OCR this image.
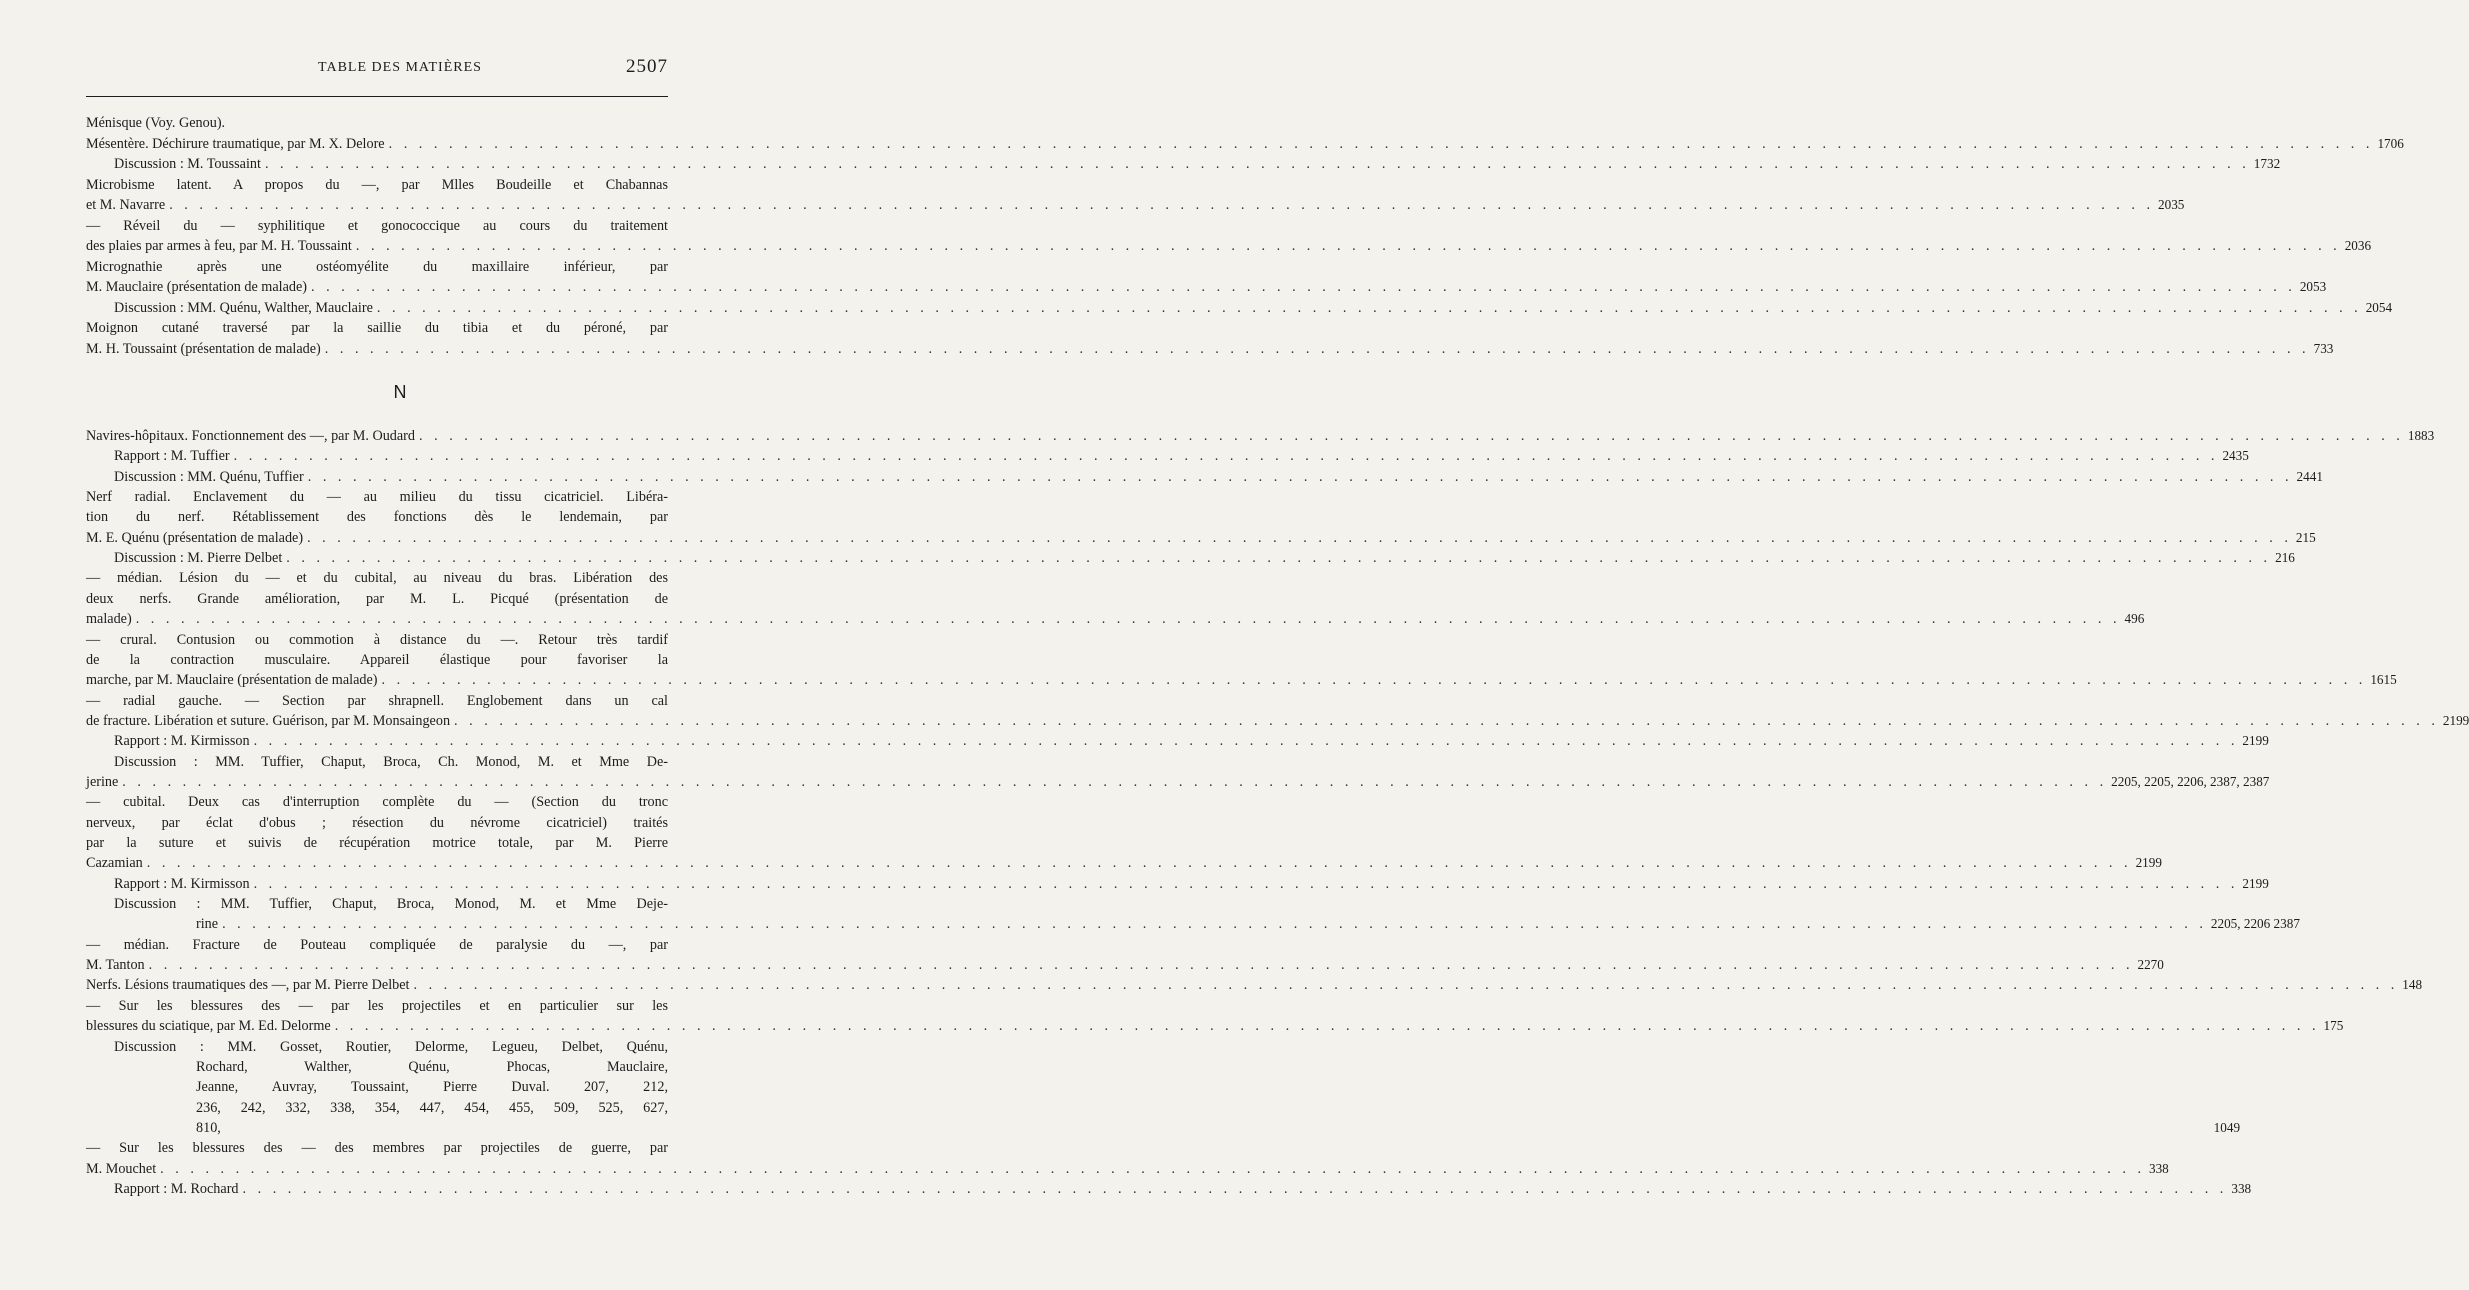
TABLE DES MATIÈRES	2507
N
Ménisque (Voy. Genou).
Mésentère. Déchirure traumatique, par M. X. Delore . . .	1706
Discussion : M. Toussaint . . .	1732
Microbisme latent. A propos du —, par Mlles Boudeille et Chabannas
et M. Navarre . . .	2035
— Réveil du — syphilitique et gonococcique au cours du traitement
des plaies par armes à feu, par M. H. Toussaint . . .	2036
Micrognathie après une ostéomyélite du maxillaire inférieur, par
M. Mauclaire (présentation de malade) . . .	2053
Discussion : MM. Quénu, Walther, Mauclaire . . .	2054
Moignon cutané traversé par la saillie du tibia et du péroné, par
M. H. Toussaint (présentation de malade) . . .	733
Navires-hôpitaux. Fonctionnement des —, par M. Oudard . . .	1883
Rapport : M. Tuffier . . .	2435
Discussion : MM. Quénu, Tuffier . . .	2441
Nerf radial. Enclavement du — au milieu du tissu cicatriciel. Libéra-
tion du nerf. Rétablissement des fonctions dès le lendemain, par
M. E. Quénu (présentation de malade) . . .	215
Discussion : M. Pierre Delbet . . .	216
— médian. Lésion du — et du cubital, au niveau du bras. Libération des
deux nerfs. Grande amélioration, par M. L. Picqué (présentation de
malade) . . .	496
— crural. Contusion ou commotion à distance du —. Retour très tardif
de la contraction musculaire. Appareil élastique pour favoriser la
marche, par M. Mauclaire (présentation de malade) . . .	1615
— radial gauche. — Section par shrapnell. Englobement dans un cal
de fracture. Libération et suture. Guérison, par M. Monsaingeon . . .	2199
Rapport : M. Kirmisson . . .	2199
Discussion : MM. Tuffier, Chaput, Broca, Ch. Monod, M. et Mme De-
jerine . . .	2205, 2205, 2206, 2387, 2387
— cubital. Deux cas d'interruption complète du — (Section du tronc
nerveux, par éclat d'obus ; résection du névrome cicatriciel) traités
par la suture et suivis de récupération motrice totale, par M. Pierre
Cazamian . . .	2199
Rapport : M. Kirmisson . . .	2199
Discussion : MM. Tuffier, Chaput, Broca, Monod, M. et Mme Deje-
rine . . .	2205, 2206 2387
— médian. Fracture de Pouteau compliquée de paralysie du —, par
M. Tanton . . .	2270
Nerfs. Lésions traumatiques des —, par M. Pierre Delbet . . .	148
— Sur les blessures des — par les projectiles et en particulier sur les
blessures du sciatique, par M. Ed. Delorme . . .	175
Discussion : MM. Gosset, Routier, Delorme, Legueu, Delbet, Quénu,
Rochard, Walther, Quénu, Phocas, Mauclaire,
Jeanne, Auvray, Toussaint, Pierre Duval. 207, 212,
236, 242, 332, 338, 354, 447, 454, 455, 509, 525, 627,
810,	1049
— Sur les blessures des — des membres par projectiles de guerre, par
M. Mouchet . . .	338
Rapport : M. Rochard . . .	338
